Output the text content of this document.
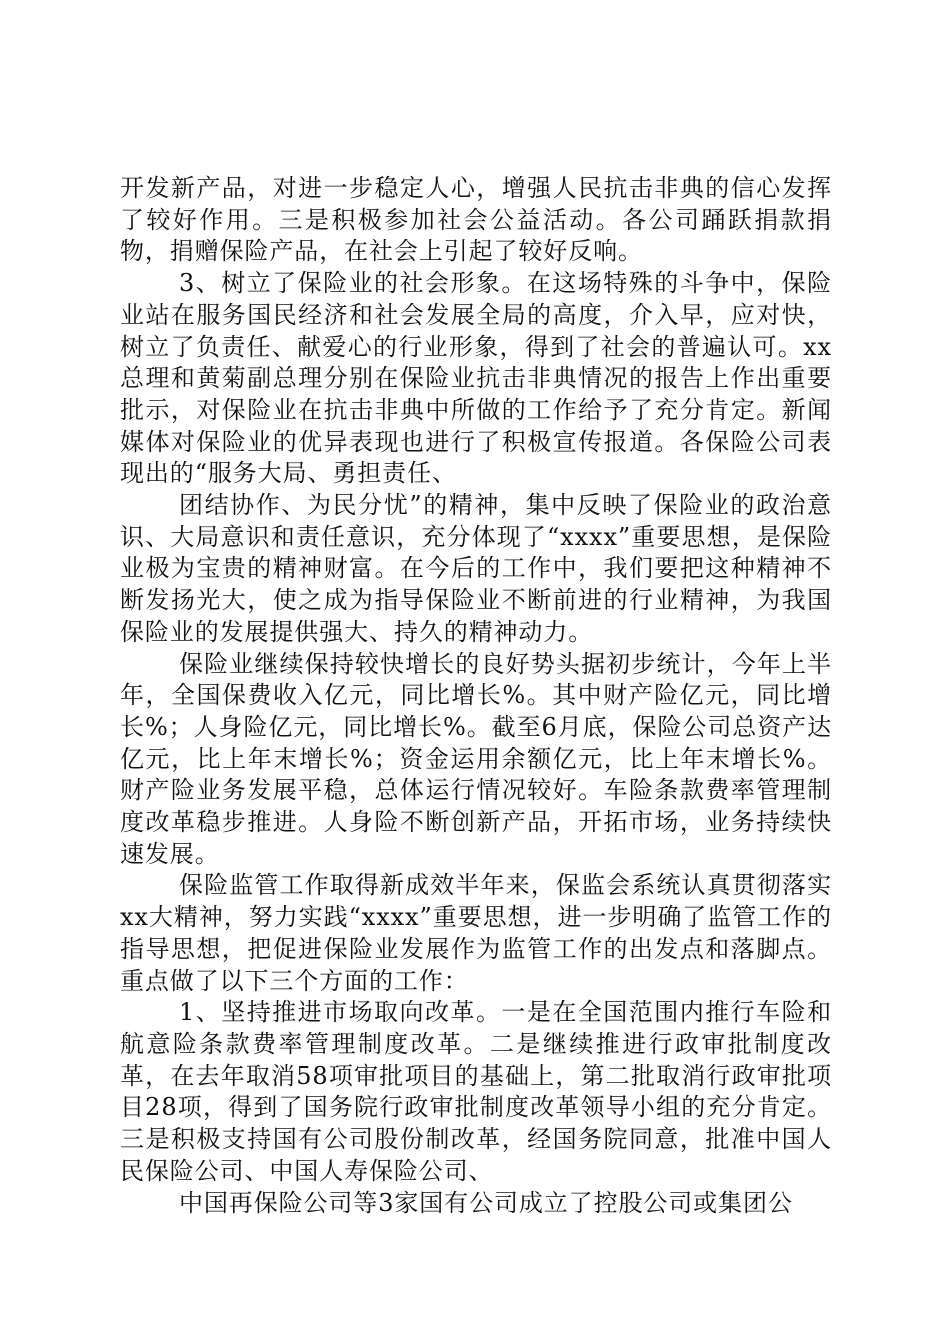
开发新产品，对进一步稳定人心，增强人民抗击非典的信心发挥了较好作用。三是积极参加社会公益活动。各公司踊跃捐款捐物，捐赠保险产品，在社会上引起了较好反响。

3、树立了保险业的社会形象。在这场特殊的斗争中，保险业站在服务国民经济和社会发展全局的高度，介入早，应对快，树立了负责任、献爱心的行业形象，得到了社会的普遍认可。xx总理和黄菊副总理分别在保险业抗击非典情况的报告上作出重要批示，对保险业在抗击非典中所做的工作给予了充分肯定。新闻媒体对保险业的优异表现也进行了积极宣传报道。各保险公司表现出的“服务大局、勇担责任、

团结协作、为民分忧”的精神，集中反映了保险业的政治意识、大局意识和责任意识，充分体现了“xxxx”重要思想，是保险业极为宝贵的精神财富。在今后的工作中，我们要把这种精神不断发扬光大，使之成为指导保险业不断前进的行业精神，为我国保险业的发展提供强大、持久的精神动力。

保险业继续保持较快增长的良好势头据初步统计，今年上半年，全国保费收入亿元，同比增长%。其中财产险亿元，同比增长%；人身险亿元，同比增长%。截至6月底，保险公司总资产达亿元，比上年末增长%；资金运用余额亿元，比上年末增长%。财产险业务发展平稳，总体运行情况较好。车险条款费率管理制度改革稳步推进。人身险不断创新产品，开拓市场，业务持续快速发展。

保险监管工作取得新成效半年来，保监会系统认真贯彻落实xx大精神，努力实践“xxxx”重要思想，进一步明确了监管工作的指导思想，把促进保险业发展作为监管工作的出发点和落脚点。重点做了以下三个方面的工作：

1、坚持推进市场取向改革。一是在全国范围内推行车险和航意险条款费率管理制度改革。二是继续推进行政审批制度改革，在去年取消58项审批项目的基础上，第二批取消行政审批项目28项，得到了国务院行政审批制度改革领导小组的充分肯定。三是积极支持国有公司股份制改革，经国务院同意，批准中国人民保险公司、中国人寿保险公司、

中国再保险公司等3家国有公司成立了控股公司或集团公
